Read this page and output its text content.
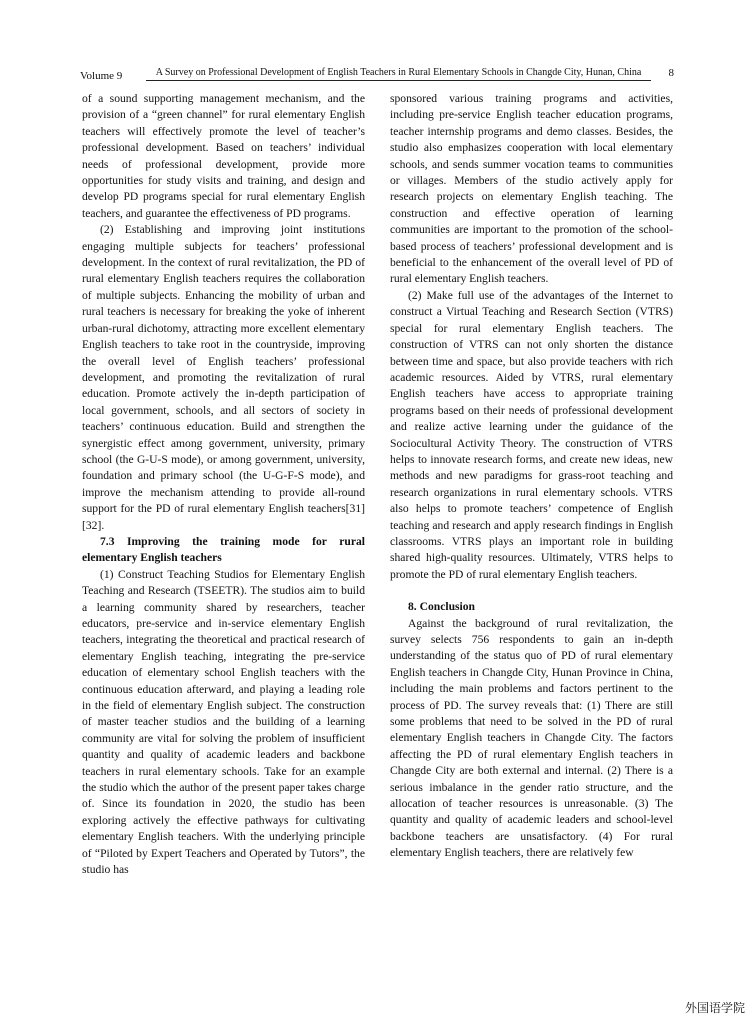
Volume 9	A Survey on Professional Development of English Teachers in Rural Elementary Schools in Changde City, Hunan, China	8

of a sound supporting management mechanism, and the provision of a “green channel” for rural elementary English teachers will effectively promote the level of teacher’s professional development. Based on teachers’ individual needs of professional development, provide more opportunities for study visits and training, and design and develop PD programs special for rural elementary English teachers, and guarantee the effectiveness of PD programs.

(2) Establishing and improving joint institutions engaging multiple subjects for teachers’ professional development. In the context of rural revitalization, the PD of rural elementary English teachers requires the collaboration of multiple subjects. Enhancing the mobility of urban and rural teachers is necessary for breaking the yoke of inherent urban-rural dichotomy, attracting more excellent elementary English teachers to take root in the countryside, improving the overall level of English teachers’ professional development, and promoting the revitalization of rural education. Promote actively the in-depth participation of local government, schools, and all sectors of society in teachers’ continuous education. Build and strengthen the synergistic effect among government, university, primary school (the G-U-S mode), or among government, university, foundation and primary school (the U-G-F-S mode), and improve the mechanism attending to provide all-round support for the PD of rural elementary English teachers[31][32].

7.3 Improving the training mode for rural elementary English teachers

(1) Construct Teaching Studios for Elementary English Teaching and Research (TSEETR). The studios aim to build a learning community shared by researchers, teacher educators, pre-service and in-service elementary English teachers, integrating the theoretical and practical research of elementary English teaching, integrating the pre-service education of elementary school English teachers with the continuous education afterward, and playing a leading role in the field of elementary English subject. The construction of master teacher studios and the building of a learning community are vital for solving the problem of insufficient quantity and quality of academic leaders and backbone teachers in rural elementary schools. Take for an example the studio which the author of the present paper takes charge of. Since its foundation in 2020, the studio has been exploring actively the effective pathways for cultivating elementary English teachers. With the underlying principle of “Piloted by Expert Teachers and Operated by Tutors”, the studio has

sponsored various training programs and activities, including pre-service English teacher education programs, teacher internship programs and demo classes. Besides, the studio also emphasizes cooperation with local elementary schools, and sends summer vocation teams to communities or villages. Members of the studio actively apply for research projects on elementary English teaching. The construction and effective operation of learning communities are important to the promotion of the school-based process of teachers’ professional development and is beneficial to the enhancement of the overall level of PD of rural elementary English teachers.

(2) Make full use of the advantages of the Internet to construct a Virtual Teaching and Research Section (VTRS) special for rural elementary English teachers. The construction of VTRS can not only shorten the distance between time and space, but also provide teachers with rich academic resources. Aided by VTRS, rural elementary English teachers have access to appropriate training programs based on their needs of professional development and realize active learning under the guidance of the Sociocultural Activity Theory. The construction of VTRS helps to innovate research forms, and create new ideas, new methods and new paradigms for grass-root teaching and research organizations in rural elementary schools. VTRS also helps to promote teachers’ competence of English teaching and research and apply research findings in English classrooms. VTRS plays an important role in building shared high-quality resources. Ultimately, VTRS helps to promote the PD of rural elementary English teachers.

8. Conclusion

Against the background of rural revitalization, the survey selects 756 respondents to gain an in-depth understanding of the status quo of PD of rural elementary English teachers in Changde City, Hunan Province in China, including the main problems and factors pertinent to the process of PD. The survey reveals that: (1) There are still some problems that need to be solved in the PD of rural elementary English teachers in Changde City. The factors affecting the PD of rural elementary English teachers in Changde City are both external and internal. (2) There is a serious imbalance in the gender ratio structure, and the allocation of teacher resources is unreasonable. (3) The quantity and quality of academic leaders and school-level backbone teachers are unsatisfactory. (4) For rural elementary English teachers, there are relatively few

外国语学院
